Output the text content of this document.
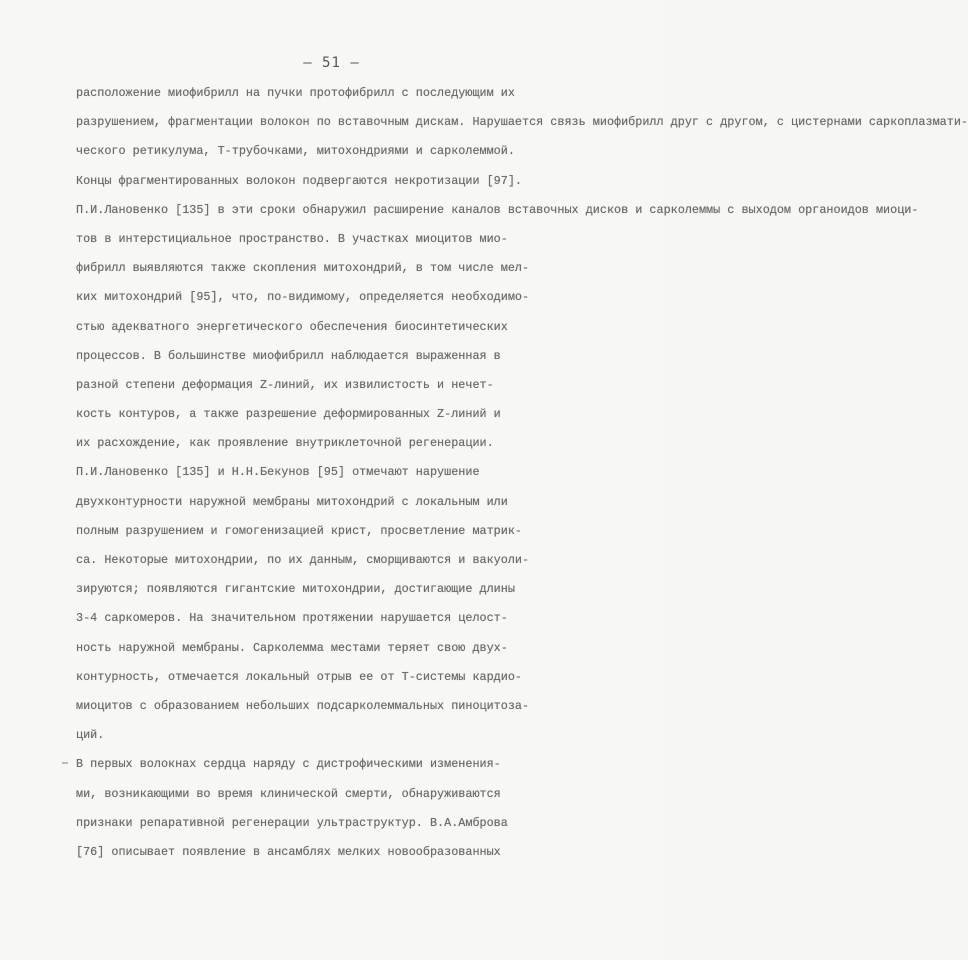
– 51 –
расположение миофибрилл на пучки протофибрилл с последующим их
разрушением, фрагментации волокон по вставочным дискам. Нарушается связь миофибрилл друг с другом, с цистернами саркоплазмати-
ческого ретикулума, Т-трубочками, митохондриями и сарколеммой.
Концы фрагментированных волокон подвергаются некротизации [97].
П.И.Лановенко [135] в эти сроки обнаружил расширение каналов вставочных дисков и сарколеммы с выходом органоидов миоци-
тов в интерстициальное пространство. В участках миоцитов мио-
фибрилл выявляются также скопления митохондрий, в том числе мел-
ких митохондрий [95], что, по-видимому, определяется необходимо-
стью адекватного энергетического обеспечения биосинтетических
процессов. В большинстве миофибрилл наблюдается выраженная в
разной степени деформация Z-линий, их извилистость и нечет-
кость контуров, а также разрешение деформированных Z-линий и
их расхождение, как проявление внутриклеточной регенерации.
П.И.Лановенко [135] и Н.Н.Бекунов [95] отмечают нарушение
двухконтурности наружной мембраны митохондрий с локальным или
полным разрушением и гомогенизацией крист, просветление матрик-
са. Некоторые митохондрии, по их данным, сморщиваются и вакуоли-
зируются; появляются гигантские митохондрии, достигающие длины
3-4 саркомеров. На значительном протяжении нарушается целост-
ность наружной мембраны. Сарколемма местами теряет свою двух-
контурность, отмечается локальный отрыв ее от Т-системы кардио-
миоцитов с образованием небольших подсарколеммальных пиноцитоза-
ций.
В первых волокнах сердца наряду с дистрофическими изменения-
ми, возникающими во время клинической смерти, обнаруживаются
признаки репаративной регенерации ультраструктур. В.А.Амброва
[76] описывает появление в ансамблях мелких новообразованных
